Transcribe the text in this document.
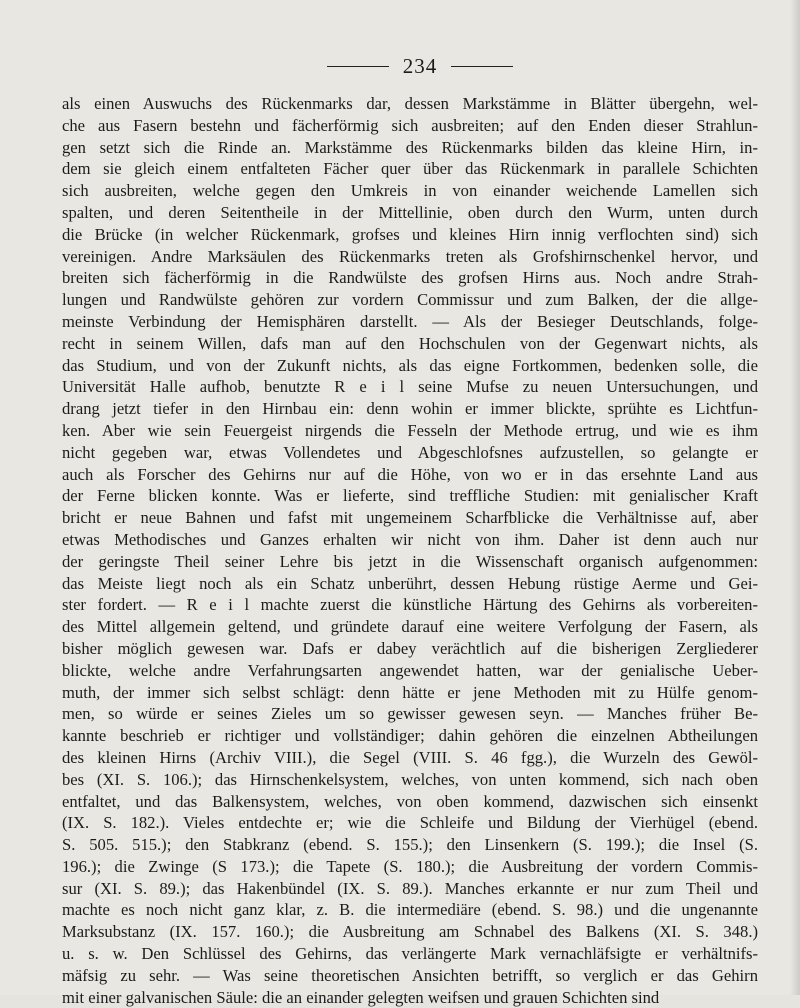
234
als einen Auswuchs des Rückenmarks dar, dessen Markstämme in Blätter übergehn, wel-
che aus Fasern bestehn und fächerförmig sich ausbreiten; auf den Enden dieser Strahlun-
gen setzt sich die Rinde an. Markstämme des Rückenmarks bilden das kleine Hirn, in-
dem sie gleich einem entfalteten Fächer quer über das Rückenmark in parallele Schichten
sich ausbreiten, welche gegen den Umkreis in von einander weichende Lamellen sich
spalten, und deren Seitentheile in der Mittellinie, oben durch den Wurm, unten durch
die Brücke (in welcher Rückenmark, grofses und kleines Hirn innig verflochten sind) sich
vereinigen. Andre Marksäulen des Rückenmarks treten als Grofshirnschenkel hervor, und
breiten sich fächerförmig in die Randwülste des grofsen Hirns aus. Noch andre Strah-
lungen und Randwülste gehören zur vordern Commissur und zum Balken, der die allge-
meinste Verbindung der Hemisphären darstellt. — Als der Besieger Deutschlands, folge-
recht in seinem Willen, dafs man auf den Hochschulen von der Gegenwart nichts, als
das Studium, und von der Zukunft nichts, als das eigne Fortkommen, bedenken solle, die
Universität Halle aufhob, benutzte R e i l seine Mufse zu neuen Untersuchungen, und
drang jetzt tiefer in den Hirnbau ein: denn wohin er immer blickte, sprühte es Lichtfun-
ken. Aber wie sein Feuergeist nirgends die Fesseln der Methode ertrug, und wie es ihm
nicht gegeben war, etwas Vollendetes und Abgeschlofsnes aufzustellen, so gelangte er
auch als Forscher des Gehirns nur auf die Höhe, von wo er in das ersehnte Land aus
der Ferne blicken konnte. Was er lieferte, sind treffliche Studien: mit genialischer Kraft
bricht er neue Bahnen und fafst mit ungemeinem Scharfblicke die Verhältnisse auf, aber
etwas Methodisches und Ganzes erhalten wir nicht von ihm. Daher ist denn auch nur
der geringste Theil seiner Lehre bis jetzt in die Wissenschaft organisch aufgenommen:
das Meiste liegt noch als ein Schatz unberührt, dessen Hebung rüstige Aerme und Gei-
ster fordert. — R e i l machte zuerst die künstliche Härtung des Gehirns als vorbereiten-
des Mittel allgemein geltend, und gründete darauf eine weitere Verfolgung der Fasern, als
bisher möglich gewesen war. Dafs er dabey verächtlich auf die bisherigen Zergliederer
blickte, welche andre Verfahrungsarten angewendet hatten, war der genialische Ueber-
muth, der immer sich selbst schlägt: denn hätte er jene Methoden mit zu Hülfe genom-
men, so würde er seines Zieles um so gewisser gewesen seyn. — Manches früher Be-
kannte beschrieb er richtiger und vollständiger; dahin gehören die einzelnen Abtheilungen
des kleinen Hirns (Archiv VIII.), die Segel (VIII. S. 46 fgg.), die Wurzeln des Gewöl-
bes (XI. S. 106.); das Hirnschenkelsystem, welches, von unten kommend, sich nach oben
entfaltet, und das Balkensystem, welches, von oben kommend, dazwischen sich einsenkt
(IX. S. 182.). Vieles entdechte er; wie die Schleife und Bildung der Vierhügel (ebend.
S. 505. 515.); den Stabkranz (ebend. S. 155.); den Linsenkern (S. 199.); die Insel (S.
196.); die Zwinge (S 173.); die Tapete (S. 180.); die Ausbreitung der vordern Commis-
sur (XI. S. 89.); das Hakenbündel (IX. S. 89.). Manches erkannte er nur zum Theil und
machte es noch nicht ganz klar, z. B. die intermediäre (ebend. S. 98.) und die ungenannte
Marksubstanz (IX. 157. 160.); die Ausbreitung am Schnabel des Balkens (XI. S. 348.)
u. s. w. Den Schlüssel des Gehirns, das verlängerte Mark vernachläfsigte er verhältnifs-
mäfsig zu sehr. — Was seine theoretischen Ansichten betrifft, so verglich er das Gehirn
mit einer galvanischen Säule: die an einander gelegten weifsen und grauen Schichten sind
